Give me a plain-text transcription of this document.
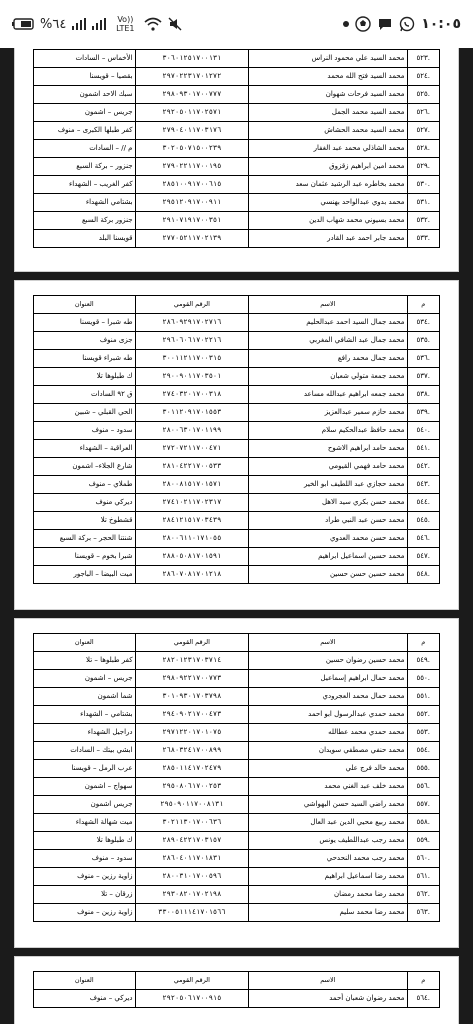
%٦٤	Vo)) LTE1	١٠:٠٥
.٥٢٣	محمد السيد علي محمود النراس	٣٠٦٠١٢٥١٧٠٠١٣١	الأخماس – السادات
.٥٢٤	محمد السيد فتح الله محمد	٢٩٧٠٢٢٣١٧٠١٢٧٢	بقصيا – قويسنا
.٥٢٥	محمد السيد فرحات شهوان	٢٩٨٠٩٣٠١٧٠٠٧٧٧	سبك الاحد اشمون
.٥٢٦	محمد السيد محمد الجمل	٢٩٢٠٥٠١١٧٠٢٥٧١	جريس – اشمون
.٥٢٧	محمد السيد محمد الحشاش	٢٧٩٠٤٠١١٧٠٣١٧٦	كفر طبلها الكبرى – منوف
.٥٢٨	محمد الشاذلي محمد عبد الغفار	٣٠٢٠٥٠٧١٥٠٠٢٣٩	م // – السادات
.٥٢٩	محمد امين ابراهيم زقزوق	٢٧٩٠٢٢١١٧٠٠١٩٥	جنزور – بركة السبع
.٥٣٠	محمد بخاطره عبد الرشيد عثمان سعد	٢٨٥١٠٠٩١٧٠٠٦١٥	كفر الغريب – الشهداء
.٥٣١	محمد بدوي عبدالواحد بهنسي	٢٩٥١٢٠٩١٧٠٠٩١١	بشتامي الشهداء
.٥٣٢	محمد بسيوني محمد شهاب الدين	٢٩١٠٧١٩١٧٠٠٣٥١	جنزور بركة السبع
.٥٣٣	محمد جابر احمد عبد القادر	٢٧٧٠٥٢١١٧٠٢١٣٩	قويسنا البلد
م	الاسم	الرقم القومي	العنوان
.٥٣٤	محمد جمال السيد احمد عبدالحليم	٢٨٦٠٩٢٩١٧٠٢٧١٦	طه شبرا – قويسنا
.٥٣٥	محمد جمال عبد الشافي المغربي	٢٩٦٠٦٠٦١٧٠٢٢١٦	جزى منوف
.٥٣٦	محمد جمال محمد رافع	٣٠٠١١٢١١٧٠٠٣١٥	طه شبراء قويسنا
.٥٣٧	محمد جمعة متولي شعبان	٢٩٠٠٩٠١١٧٠٣٥٠١	ك طبلوها تلا
.٥٣٨	محمد جمعه ابراهيم عبدالله مساعد	٢٧٤٠٣٢٠١٧٠٠٣١٨	ق ٩٢ السادات
.٥٣٩	محمد حازم سمير عبدالعزيز	٣٠١١٢٠٩١٧٠١٥٥٣	الحي القبلي – شبين
.٥٤٠	محمد حافظ عبدالحكيم سلام	٢٨٠٠٦٣٠١٧٠١١٩٩	سدود – منوف
.٥٤١	محمد حامد ابراهيم الاشوح	٢٧٢٠٧٢١١٧٠٠٤٧١	العراقية – الشهداء
.٥٤٢	محمد حامد فهمي القيومي	٢٨١٠٤٢٢١٧٠٠٥٣٣	شارع الجلاء– اشمون
.٥٤٣	محمد حجازي عبد اللطيف ابو الخير	٢٨٠٠٨١٥١٧٠١٥٧١	طملاي – منوف
.٥٤٤	محمد حسن بكري سيد الاهل	٢٧٤١٠٢١١٧٠٢٣١٧	ديركي منوف
.٥٤٥	محمد حسن عبد النبي طراد	٢٨٤١٢١٥١٧٠٣٤٣٩	قشطوخ تلا
.٥٤٦	محمد حسن محمد العدوي	٢٨٠٠٦١١٠١٧١٠٥٥	شنتنا الحجر – بركة السبع
.٥٤٧	محمد حسين اسماعيل ابراهيم	٢٨٨٠٥٠٨١٧٠١٥٩١	شبرا بخوم – قويسنا
.٥٤٨	محمد حسين حسن حسين	٢٨٦٠٧٠٨١٧٠١٢١٨	ميت البيضا – الباجور
م	الاسم	الرقم القومي	العنوان
.٥٤٩	محمد حسين رضوان حسين	٢٨٢٠١٢٣١٧٠٣٧١٤	كفر طبلوها – تلا
.٥٥٠	محمد حمال ابراهيم إسماعيل	٢٩٨٠٩٢٢١٧٠٠٧٧٣	جريس – اشمون
.٥٥١	محمد حمال محمد العجرودي	٣٠١٠٩٣٠١٧٠٣٧٩٨	شما اشمون
.٥٥٢	محمد حمدي عبدالرسول ابو احمد	٢٩٤٠٩٠٢١٧٠٠٤٧٣	بشتامي – الشهداء
.٥٥٣	محمد حمدي محمد عطالله	٢٩٧١٢٢٠١٧٠١٠٧٥	دراجيل الشهداء
.٥٥٤	محمد حنفي مصطفي سويدان	٢٦٨٠٣٢٤١٧٠٠٨٩٩	ابشي بيتك – السادات
.٥٥٥	محمد خالد فرج علي	٢٨٥٠١١٤١٧٠٢٤٧٩	عرب الرمل – قويسنا
.٥٥٦	محمد خلف عبد الغني محمد	٢٩٥٠٨٠٦١٧٠٠٢٥٣	سهواج – اشمون
.٥٥٧	محمد راضي السيد حسن البهواشي	٢٩٥٠٩٠١١٧٠٠٨١٣١	جريس اشمون
.٥٥٨	محمد ربيع محيي الدين عبد العال	٣٠٢١١٣٠١٧٠٠٦٣٦	ميت شهالة الشهداء
.٥٥٩	محمد رجب عبداللطيف يونس	٢٨٩٠٤٢٢١٧٠٣١٥٧	ك طبلوها تلا
.٥٦٠	محمد رجب محمد النحدحي	٢٨٦٠٤٠١١٧٠١٨٣١	سدود – منوف
.٥٦١	محمد رضا اسماعيل ابراهيم	٢٨٠٠٣١٠١٧٠٠٥٩٦	زاوية رزين – منوف
.٥٦٢	محمد رضا محمد رمضان	٢٩٣٠٨٢٠١٧٠٢١٩٨	زرقان – تلا
.٥٦٣	محمد رضا محمد سليم	٣٣٠٠٥١١١٤١٧٠١٥٦٦	زاوية رزين – منوف
م	الاسم	الرقم القومي	العنوان
.٥٦٤	محمد رضوان شعبان أحمد	٢٩٢٠٥٠٦١٧٠٠٩١٥	ديركي – منوف
